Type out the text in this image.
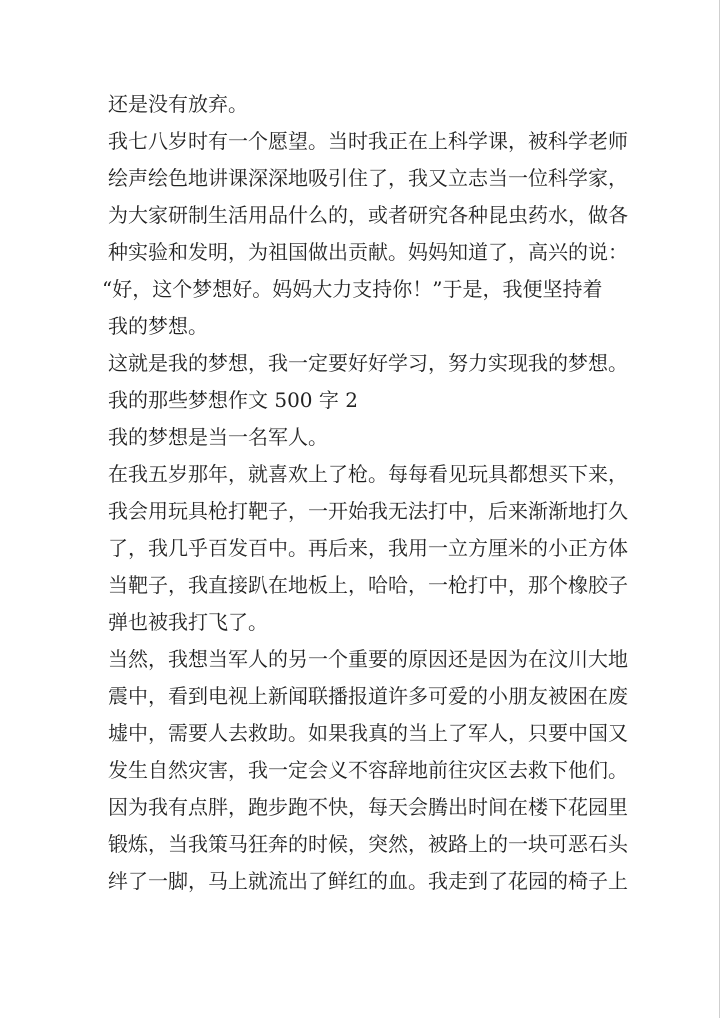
还是没有放弃。
我七八岁时有一个愿望。当时我正在上科学课，被科学老师
绘声绘色地讲课深深地吸引住了，我又立志当一位科学家，
为大家研制生活用品什么的，或者研究各种昆虫药水，做各
种实验和发明，为祖国做出贡献。妈妈知道了，高兴的说：
“好，这个梦想好。妈妈大力支持你！”于是，我便坚持着
我的梦想。
这就是我的梦想，我一定要好好学习，努力实现我的梦想。
我的那些梦想作文 500 字 2
我的梦想是当一名军人。
在我五岁那年，就喜欢上了枪。每每看见玩具都想买下来，
我会用玩具枪打靶子，一开始我无法打中，后来渐渐地打久
了，我几乎百发百中。再后来，我用一立方厘米的小正方体
当靶子，我直接趴在地板上，哈哈，一枪打中，那个橡胶子
弹也被我打飞了。
当然，我想当军人的另一个重要的原因还是因为在汶川大地
震中，看到电视上新闻联播报道许多可爱的小朋友被困在废
墟中，需要人去救助。如果我真的当上了军人，只要中国又
发生自然灾害，我一定会义不容辞地前往灾区去救下他们。
因为我有点胖，跑步跑不快，每天会腾出时间在楼下花园里
锻炼，当我策马狂奔的时候，突然，被路上的一块可恶石头
绊了一脚，马上就流出了鲜红的血。我走到了花园的椅子上
